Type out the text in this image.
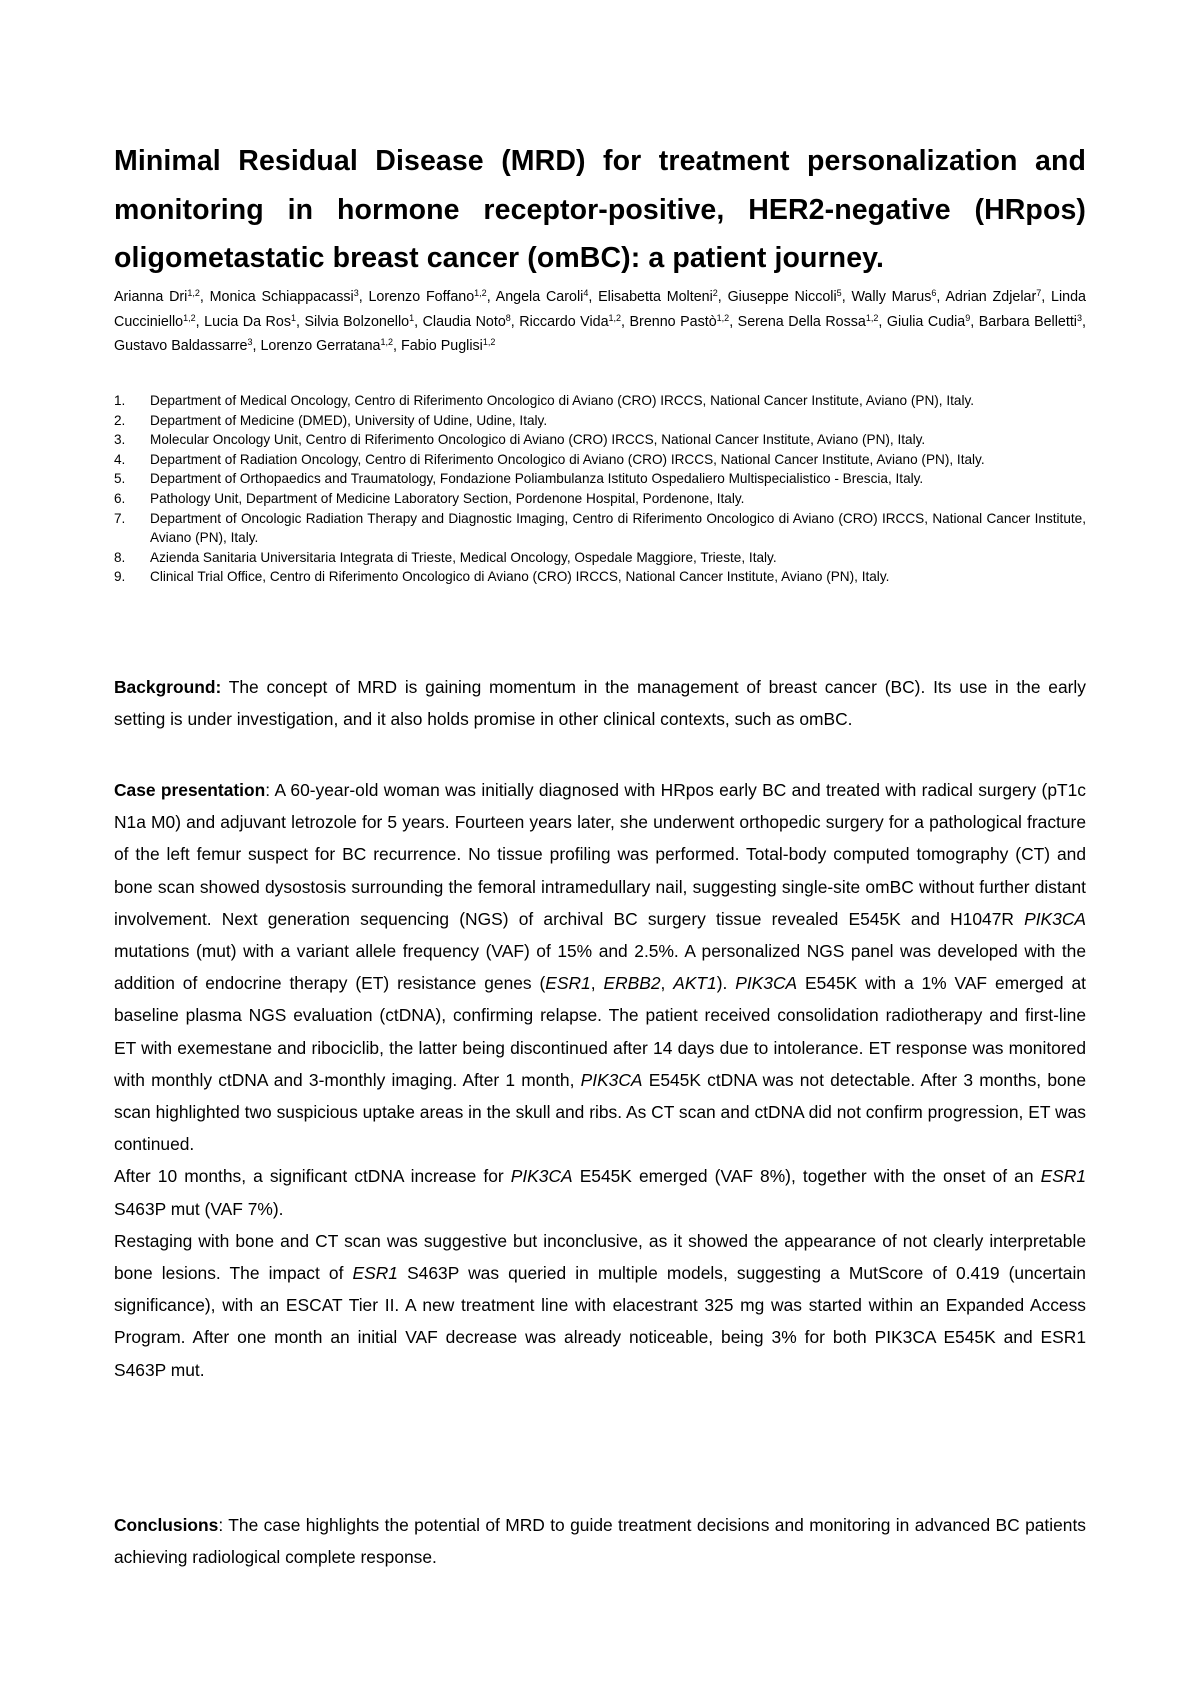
Minimal Residual Disease (MRD) for treatment personalization and
monitoring in hormone receptor-positive, HER2-negative (HRpos)
oligometastatic breast cancer (omBC): a patient journey.
Arianna Dri$^{1,2}$, Monica Schiappacassi$^3$, Lorenzo Foffano$^{1,2}$, Angela Caroli$^4$, Elisabetta Molteni$^2$, Giuseppe Niccoli$^5$, Wally Marus$^6$, Adrian Zdjelar$^7$, Linda Cucciniello$^{1,2}$, Lucia Da Ros$^1$, Silvia Bolzonello$^1$, Claudia Noto$^8$, Riccardo Vida$^{1,2}$, Brenno Pastò$^{1,2}$, Serena Della Rossa$^{1,2}$, Giulia Cudia$^9$, Barbara Belletti$^3$, Gustavo Baldassarre$^3$, Lorenzo Gerratana$^{1,2}$, Fabio Puglisi$^{1,2}$
1. Department of Medical Oncology, Centro di Riferimento Oncologico di Aviano (CRO) IRCCS, National Cancer Institute, Aviano (PN), Italy.
2. Department of Medicine (DMED), University of Udine, Udine, Italy.
3. Molecular Oncology Unit, Centro di Riferimento Oncologico di Aviano (CRO) IRCCS, National Cancer Institute, Aviano (PN), Italy.
4. Department of Radiation Oncology, Centro di Riferimento Oncologico di Aviano (CRO) IRCCS, National Cancer Institute, Aviano (PN), Italy.
5. Department of Orthopaedics and Traumatology, Fondazione Poliambulanza Istituto Ospedaliero Multispecialistico - Brescia, Italy.
6. Pathology Unit, Department of Medicine Laboratory Section, Pordenone Hospital, Pordenone, Italy.
7. Department of Oncologic Radiation Therapy and Diagnostic Imaging, Centro di Riferimento Oncologico di Aviano (CRO) IRCCS, National Cancer Institute, Aviano (PN), Italy.
8. Azienda Sanitaria Universitaria Integrata di Trieste, Medical Oncology, Ospedale Maggiore, Trieste, Italy.
9. Clinical Trial Office, Centro di Riferimento Oncologico di Aviano (CRO) IRCCS, National Cancer Institute, Aviano (PN), Italy.
Background: The concept of MRD is gaining momentum in the management of breast cancer (BC). Its use in the early setting is under investigation, and it also holds promise in other clinical contexts, such as omBC.
Case presentation: A 60-year-old woman was initially diagnosed with HRpos early BC and treated with radical surgery (pT1c N1a M0) and adjuvant letrozole for 5 years. Fourteen years later, she underwent orthopedic surgery for a pathological fracture of the left femur suspect for BC recurrence. No tissue profiling was performed. Total-body computed tomography (CT) and bone scan showed dysostosis surrounding the femoral intramedullary nail, suggesting single-site omBC without further distant involvement. Next generation sequencing (NGS) of archival BC surgery tissue revealed E545K and H1047R PIK3CA mutations (mut) with a variant allele frequency (VAF) of 15% and 2.5%. A personalized NGS panel was developed with the addition of endocrine therapy (ET) resistance genes (ESR1, ERBB2, AKT1). PIK3CA E545K with a 1% VAF emerged at baseline plasma NGS evaluation (ctDNA), confirming relapse. The patient received consolidation radiotherapy and first-line ET with exemestane and ribociclib, the latter being discontinued after 14 days due to intolerance. ET response was monitored with monthly ctDNA and 3-monthly imaging. After 1 month, PIK3CA E545K ctDNA was not detectable. After 3 months, bone scan highlighted two suspicious uptake areas in the skull and ribs. As CT scan and ctDNA did not confirm progression, ET was continued.
After 10 months, a significant ctDNA increase for PIK3CA E545K emerged (VAF 8%), together with the onset of an ESR1 S463P mut (VAF 7%).
Restaging with bone and CT scan was suggestive but inconclusive, as it showed the appearance of not clearly interpretable bone lesions. The impact of ESR1 S463P was queried in multiple models, suggesting a MutScore of 0.419 (uncertain significance), with an ESCAT Tier II. A new treatment line with elacestrant 325 mg was started within an Expanded Access Program. After one month an initial VAF decrease was already noticeable, being 3% for both PIK3CA E545K and ESR1 S463P mut.
Conclusions: The case highlights the potential of MRD to guide treatment decisions and monitoring in advanced BC patients achieving radiological complete response.
